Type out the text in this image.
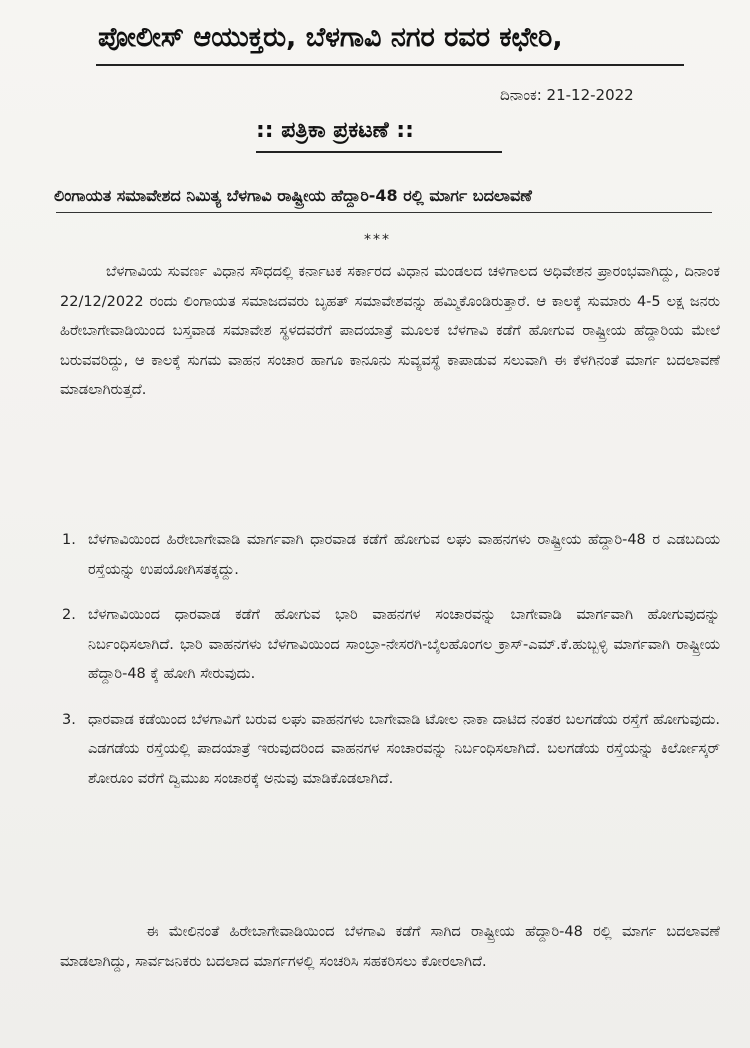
ಪೋಲೀಸ್ ಆಯುಕ್ತರು, ಬೆಳಗಾವಿ ನಗರ ರವರ ಕಛೇರಿ,
ದಿನಾಂಕ: 21-12-2022
:: ಪತ್ರಿಕಾ ಪ್ರಕಟಣೆ ::
ಲಿಂಗಾಯತ ಸಮಾವೇಶದ ನಿಮಿತ್ಯ ಬೆಳಗಾವಿ ರಾಷ್ಟ್ರೀಯ ಹೆದ್ದಾರಿ-48 ರಲ್ಲಿ ಮಾರ್ಗ ಬದಲಾವಣೆ
***

ಬೆಳಗಾವಿಯ ಸುವರ್ಣ ವಿಧಾನ ಸೌಧದಲ್ಲಿ ಕರ್ನಾಟಕ ಸರ್ಕಾರದ ವಿಧಾನ ಮಂಡಲದ ಚಳಿಗಾಲದ ಅಧಿವೇಶನ ಪ್ರಾರಂಭವಾಗಿದ್ದು, ದಿನಾಂಕ 22/12/2022 ರಂದು ಲಿಂಗಾಯತ ಸಮಾಜದವರು ಬೃಹತ್ ಸಮಾವೇಶವನ್ನು ಹಮ್ಮಿಕೊಂಡಿರುತ್ತಾರೆ. ಆ ಕಾಲಕ್ಕೆ ಸುಮಾರು 4-5 ಲಕ್ಷ ಜನರು ಹಿರೇಬಾಗೇವಾಡಿಯಿಂದ ಬಸ್ತವಾಡ ಸಮಾವೇಶ ಸ್ಥಳದವರೆಗೆ ಪಾದಯಾತ್ರೆ ಮೂಲಕ ಬೆಳಗಾವಿ ಕಡೆಗೆ ಹೋಗುವ ರಾಷ್ಟ್ರೀಯ ಹೆದ್ದಾರಿಯ ಮೇಲೆ ಬರುವವರಿದ್ದು, ಆ ಕಾಲಕ್ಕೆ ಸುಗಮ ವಾಹನ ಸಂಚಾರ ಹಾಗೂ ಕಾನೂನು ಸುವ್ಯವಸ್ಥೆ ಕಾಪಾಡುವ ಸಲುವಾಗಿ ಈ ಕೆಳಗಿನಂತೆ ಮಾರ್ಗ ಬದಲಾವಣೆ ಮಾಡಲಾಗಿರುತ್ತದೆ.

1. ಬೆಳಗಾವಿಯಿಂದ ಹಿರೇಬಾಗೇವಾಡಿ ಮಾರ್ಗವಾಗಿ ಧಾರವಾಡ ಕಡೆಗೆ ಹೋಗುವ ಲಘು ವಾಹನಗಳು ರಾಷ್ಟ್ರೀಯ ಹೆದ್ದಾರಿ-48 ರ ಎಡಬದಿಯ ರಸ್ತೆಯನ್ನು ಉಪಯೋಗಿಸತಕ್ಕದ್ದು.
2. ಬೆಳಗಾವಿಯಿಂದ ಧಾರವಾಡ ಕಡೆಗೆ ಹೋಗುವ ಭಾರಿ ವಾಹನಗಳ ಸಂಚಾರವನ್ನು ಬಾಗೇವಾಡಿ ಮಾರ್ಗವಾಗಿ ಹೋಗುವುದನ್ನು ನಿರ್ಬಂಧಿಸಲಾಗಿದೆ. ಭಾರಿ ವಾಹನಗಳು ಬೆಳಗಾವಿಯಿಂದ ಸಾಂಬ್ರಾ-ನೇಸರಗಿ-ಬೈಲಹೊಂಗಲ ಕ್ರಾಸ್-ಎಮ್.ಕೆ.ಹುಬ್ಬಳ್ಳಿ ಮಾರ್ಗವಾಗಿ ರಾಷ್ಟ್ರೀಯ ಹೆದ್ದಾರಿ-48 ಕ್ಕೆ ಹೋಗಿ ಸೇರುವುದು.
3. ಧಾರವಾಡ ಕಡೆಯಿಂದ ಬೆಳಗಾವಿಗೆ ಬರುವ ಲಘು ವಾಹನಗಳು ಬಾಗೇವಾಡಿ ಟೋಲ ನಾಕಾ ದಾಟಿದ ನಂತರ ಬಲಗಡೆಯ ರಸ್ತೆಗೆ ಹೋಗುವುದು. ಎಡಗಡೆಯ ರಸ್ತೆಯಲ್ಲಿ ಪಾದಯಾತ್ರೆ ಇರುವುದರಿಂದ ವಾಹನಗಳ ಸಂಚಾರವನ್ನು ನಿರ್ಬಂಧಿಸಲಾಗಿದೆ. ಬಲಗಡೆಯ ರಸ್ತೆಯನ್ನು ಕಿರ್ಲೋಸ್ಕರ್ ಶೋರೂಂ ವರೆಗೆ ದ್ವಿಮುಖ ಸಂಚಾರಕ್ಕೆ ಅನುವು ಮಾಡಿಕೊಡಲಾಗಿದೆ.

ಈ ಮೇಲಿನಂತೆ ಹಿರೇಬಾಗೇವಾಡಿಯಿಂದ ಬೆಳಗಾವಿ ಕಡೆಗೆ ಸಾಗಿದ ರಾಷ್ಟ್ರೀಯ ಹೆದ್ದಾರಿ-48 ರಲ್ಲಿ ಮಾರ್ಗ ಬದಲಾವಣೆ ಮಾಡಲಾಗಿದ್ದು, ಸಾರ್ವಜನಿಕರು ಬದಲಾದ ಮಾರ್ಗಗಳಲ್ಲಿ ಸಂಚರಿಸಿ ಸಹಕರಿಸಲು ಕೋರಲಾಗಿದೆ.
